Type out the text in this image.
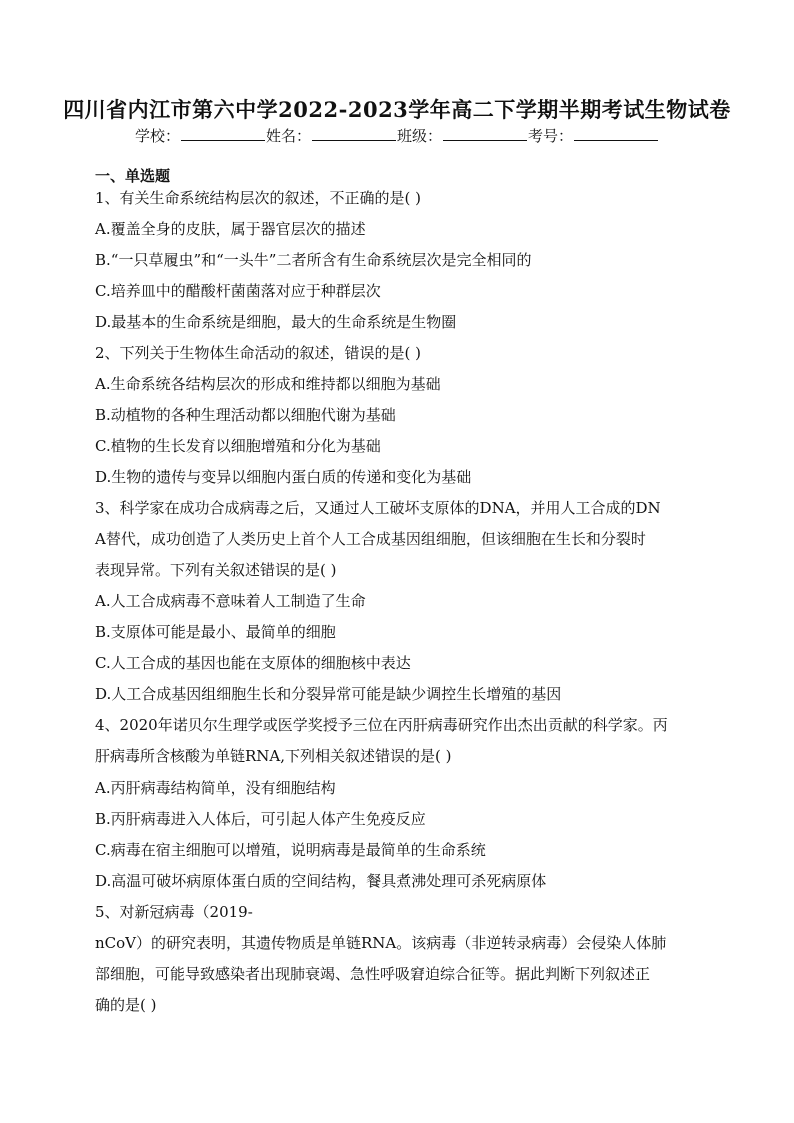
四川省内江市第六中学2022-2023学年高二下学期半期考试生物试卷
学校：	姓名：	班级：	考号：
一、单选题
1、有关生命系统结构层次的叙述，不正确的是( )
A.覆盖全身的皮肤，属于器官层次的描述
B.“一只草履虫”和“一头牛”二者所含有生命系统层次是完全相同的
C.培养皿中的醋酸杆菌菌落对应于种群层次
D.最基本的生命系统是细胞，最大的生命系统是生物圈
2、下列关于生物体生命活动的叙述，错误的是( )
A.生命系统各结构层次的形成和维持都以细胞为基础
B.动植物的各种生理活动都以细胞代谢为基础
C.植物的生长发育以细胞增殖和分化为基础
D.生物的遗传与变异以细胞内蛋白质的传递和变化为基础
3、科学家在成功合成病毒之后，又通过人工破坏支原体的DNA，并用人工合成的DN
A替代，成功创造了人类历史上首个人工合成基因组细胞，但该细胞在生长和分裂时
表现异常。下列有关叙述错误的是( )
A.人工合成病毒不意味着人工制造了生命
B.支原体可能是最小、最简单的细胞
C.人工合成的基因也能在支原体的细胞核中表达
D.人工合成基因组细胞生长和分裂异常可能是缺少调控生长增殖的基因
4、2020年诺贝尔生理学或医学奖授予三位在丙肝病毒研究作出杰出贡献的科学家。丙
肝病毒所含核酸为单链RNA,下列相关叙述错误的是( )
A.丙肝病毒结构简单，没有细胞结构
B.丙肝病毒进入人体后，可引起人体产生免疫反应
C.病毒在宿主细胞可以增殖，说明病毒是最简单的生命系统
D.高温可破坏病原体蛋白质的空间结构，餐具煮沸处理可杀死病原体
5、对新冠病毒（2019-
nCoV）的研究表明，其遗传物质是单链RNA。该病毒（非逆转录病毒）会侵染人体肺
部细胞，可能导致感染者出现肺衰竭、急性呼吸窘迫综合征等。据此判断下列叙述正
确的是( )
